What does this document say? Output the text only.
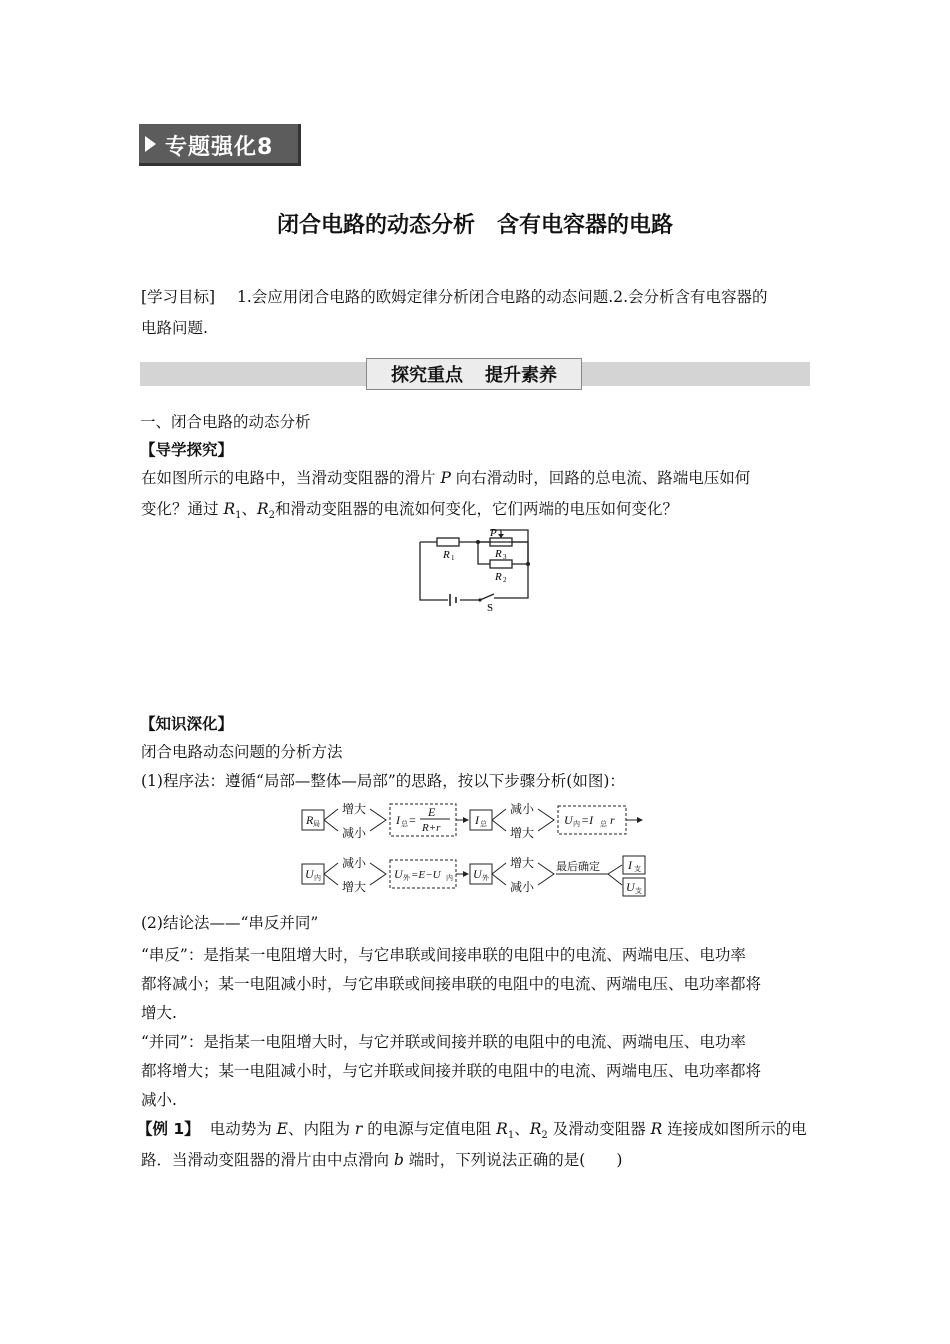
专题强化8
闭合电路的动态分析　含有电容器的电路
[学习目标] 1.会应用闭合电路的欧姆定律分析闭合电路的动态问题.2.会分析含有电容器的
电路问题.
探究重点 提升素养
一、闭合电路的动态分析
【导学探究】
在如图所示的电路中，当滑动变阻器的滑片 P 向右滑动时，回路的总电流、路端电压如何
变化？通过 $R_1$、$R_2$和滑动变阻器的电流如何变化，它们两端的电压如何变化？
P
R 1	R 3
R 2
S
【知识深化】
闭合电路动态问题的分析方法
(1)程序法：遵循“局部—整体—局部”的思路，按以下步骤分析(如图)：
R 局
增大
减小
I 总 =
E
R+r
I 总
减小
增大
U 内 =I 总 r
U 内
减小
增大
U 外 =E−U 内 U 外
增大
减小
最后确定 I 支
U 支
(2)结论法——“串反并同”
“串反”：是指某一电阻增大时，与它串联或间接串联的电阻中的电流、两端电压、电功率
都将减小；某一电阻减小时，与它串联或间接串联的电阻中的电流、两端电压、电功率都将
增大.
“并同”：是指某一电阻增大时，与它并联或间接并联的电阻中的电流、两端电压、电功率
都将增大；某一电阻减小时，与它并联或间接并联的电阻中的电流、两端电压、电功率都将
减小.
【例 1】 电动势为 E、内阻为 r 的电源与定值电阻 $R_1$、$R_2$ 及滑动变阻器 R 连接成如图所示的电
路．当滑动变阻器的滑片由中点滑向 b 端时，下列说法正确的是(　　)
